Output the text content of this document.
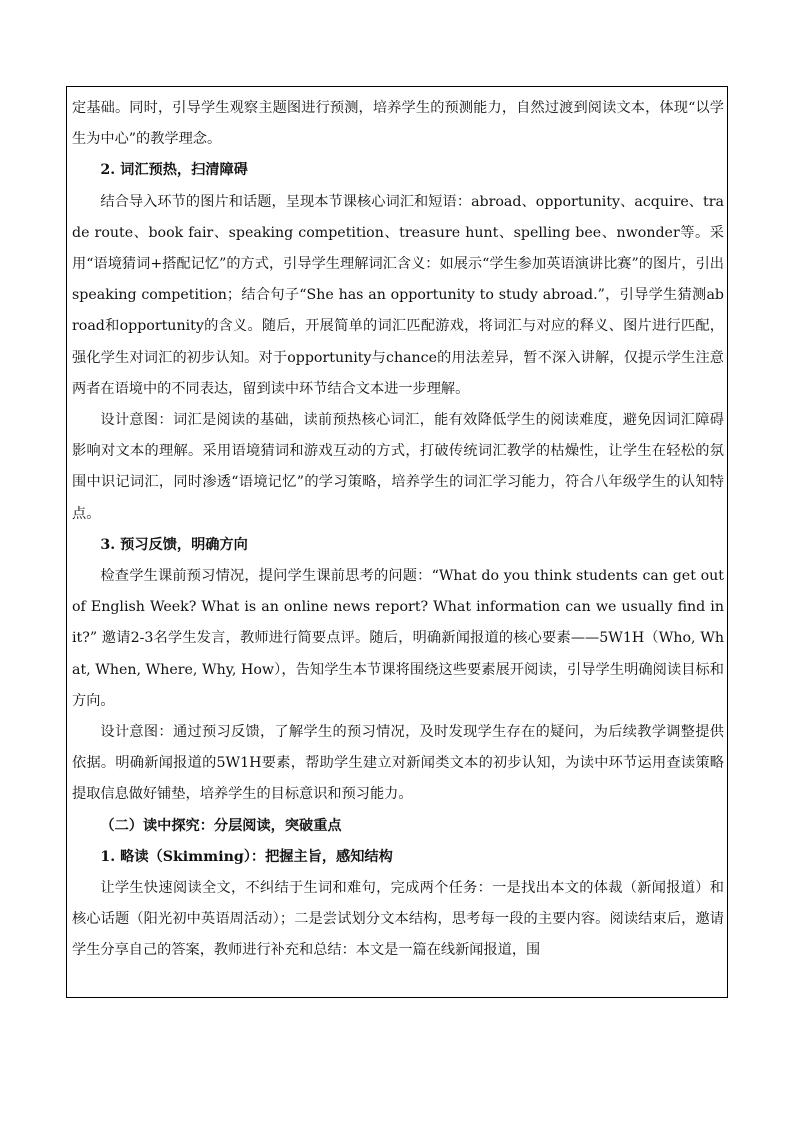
定基础。同时，引导学生观察主题图进行预测，培养学生的预测能力，自然过渡到阅读文本，体现“以学生为中心”的教学理念。

2. 词汇预热，扫清障碍

结合导入环节的图片和话题，呈现本节课核心词汇和短语：abroad、opportunity、acquire、trade route、book fair、speaking competition、treasure hunt、spelling bee、nwonder等。采用“语境猜词+搭配记忆”的方式，引导学生理解词汇含义：如展示“学生参加英语演讲比赛”的图片，引出speaking competition；结合句子“She has an opportunity to study abroad.”，引导学生猜测abroad和opportunity的含义。随后，开展简单的词汇匹配游戏，将词汇与对应的释义、图片进行匹配，强化学生对词汇的初步认知。对于opportunity与chance的用法差异，暂不深入讲解，仅提示学生注意两者在语境中的不同表达，留到读中环节结合文本进一步理解。

设计意图：词汇是阅读的基础，读前预热核心词汇，能有效降低学生的阅读难度，避免因词汇障碍影响对文本的理解。采用语境猜词和游戏互动的方式，打破传统词汇教学的枯燥性，让学生在轻松的氛围中识记词汇，同时渗透“语境记忆”的学习策略，培养学生的词汇学习能力，符合八年级学生的认知特点。

3. 预习反馈，明确方向

检查学生课前预习情况，提问学生课前思考的问题：“What do you think students can get out of English Week? What is an online news report? What information can we usually find in it?” 邀请2-3名学生发言，教师进行简要点评。随后，明确新闻报道的核心要素——5W1H（Who, What, When, Where, Why, How），告知学生本节课将围绕这些要素展开阅读，引导学生明确阅读目标和方向。

设计意图：通过预习反馈，了解学生的预习情况，及时发现学生存在的疑问，为后续教学调整提供依据。明确新闻报道的5W1H要素，帮助学生建立对新闻类文本的初步认知，为读中环节运用查读策略提取信息做好铺垫，培养学生的目标意识和预习能力。

（二）读中探究：分层阅读，突破重点

1. 略读（Skimming）：把握主旨，感知结构

让学生快速阅读全文，不纠结于生词和难句，完成两个任务：一是找出本文的体裁（新闻报道）和核心话题（阳光初中英语周活动）；二是尝试划分文本结构，思考每一段的主要内容。阅读结束后，邀请学生分享自己的答案，教师进行补充和总结：本文是一篇在线新闻报道，围
